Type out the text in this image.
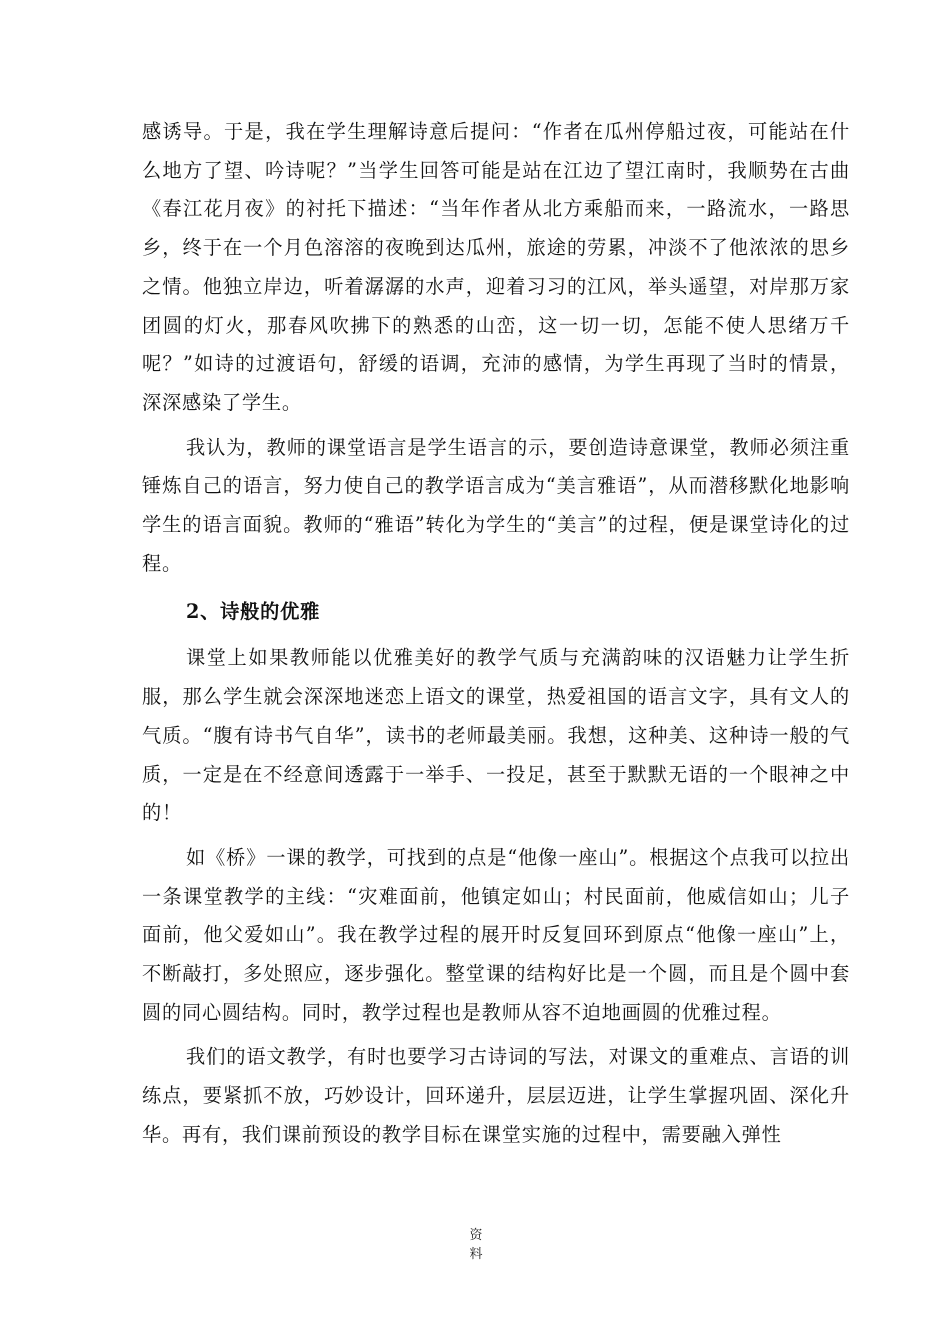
感诱导。于是，我在学生理解诗意后提问：“作者在瓜州停船过夜，可能站在什么地方了望、吟诗呢？”当学生回答可能是站在江边了望江南时，我顺势在古曲《春江花月夜》的衬托下描述：“当年作者从北方乘船而来，一路流水，一路思乡，终于在一个月色溶溶的夜晚到达瓜州，旅途的劳累，冲淡不了他浓浓的思乡之情。他独立岸边，听着潺潺的水声，迎着习习的江风，举头遥望，对岸那万家团圆的灯火，那春风吹拂下的熟悉的山峦，这一切一切，怎能不使人思绪万千呢？”如诗的过渡语句，舒缓的语调，充沛的感情，为学生再现了当时的情景，深深感染了学生。

我认为，教师的课堂语言是学生语言的示，要创造诗意课堂，教师必须注重锤炼自己的语言，努力使自己的教学语言成为“美言雅语”，从而潜移默化地影响学生的语言面貌。教师的“雅语”转化为学生的“美言”的过程，便是课堂诗化的过程。

2、诗般的优雅

课堂上如果教师能以优雅美好的教学气质与充满韵味的汉语魅力让学生折服，那么学生就会深深地迷恋上语文的课堂，热爱祖国的语言文字，具有文人的气质。“腹有诗书气自华”，读书的老师最美丽。我想，这种美、这种诗一般的气质，一定是在不经意间透露于一举手、一投足，甚至于默默无语的一个眼神之中的！

如《桥》一课的教学，可找到的点是“他像一座山”。根据这个点我可以拉出一条课堂教学的主线：“灾难面前，他镇定如山；村民面前，他威信如山；儿子面前，他父爱如山”。我在教学过程的展开时反复回环到原点“他像一座山”上，不断敲打，多处照应，逐步强化。整堂课的结构好比是一个圆，而且是个圆中套圆的同心圆结构。同时，教学过程也是教师从容不迫地画圆的优雅过程。

我们的语文教学，有时也要学习古诗词的写法，对课文的重难点、言语的训练点，要紧抓不放，巧妙设计，回环递升，层层迈进，让学生掌握巩固、深化升华。再有，我们课前预设的教学目标在课堂实施的过程中，需要融入弹性

资
料
